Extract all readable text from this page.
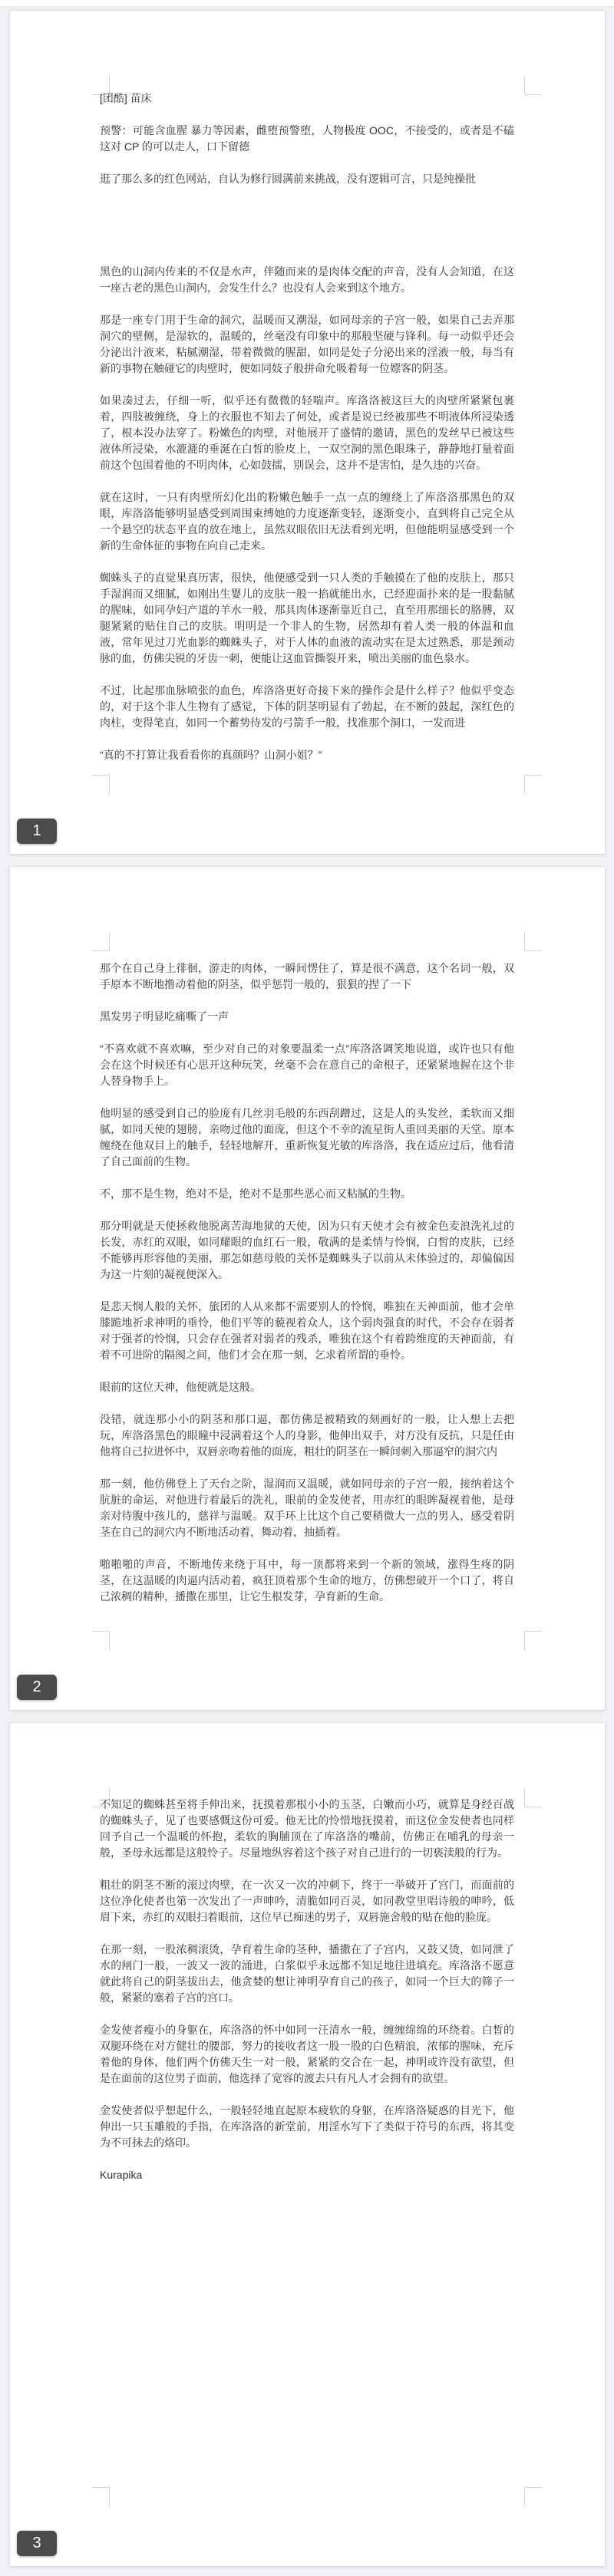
[团酷] 苗床

预警：可能含血腥 暴力等因素，雌堕预警堕，人物极度 OOC，不接受的，或者是不磕这对 CP 的可以走人，口下留德

逛了那么多的红色网站，自认为修行圆满前来挑战，没有逻辑可言，只是纯操批

黑色的山洞内传来的不仅是水声，伴随而来的是肉体交配的声音，没有人会知道，在这一座古老的黑色山洞内，会发生什么？也没有人会来到这个地方。

那是一座专门用于生命的洞穴，温暖而又潮湿，如同母亲的子宫一般，如果自己去弄那洞穴的壁侧，是湿软的，温暖的，丝毫没有印象中的那般坚硬与锋利。每一动似乎还会分泌出汁液来，粘腻潮湿，带着微微的腥甜，如同是处子分泌出来的淫液一般，每当有新的事物在触碰它的肉壁时，便如同妓子般拼命允吸着每一位嫖客的阴茎。

如果凑过去，仔细一听，似乎还有微微的轻喘声。库洛洛被这巨大的肉壁所紧紧包裹着，四肢被缠绕，身上的衣服也不知去了何处，或者是说已经被那些不明液体所浸染透了，根本没办法穿了。粉嫩色的肉壁，对他展开了盛情的邀请，黑色的发丝早已被这些液体所浸染，水漉漉的垂涎在白皙的脸皮上，一双空洞的黑色眼珠子，静静地打量着面前这个包围着他的不明肉体，心如鼓擂，别误会，这并不是害怕，是久违的兴奋。

就在这时，一只有肉壁所幻化出的粉嫩色触手一点一点的缠绕上了库洛洛那黑色的双眼，库洛洛能够明显感受到周围束缚她的力度逐渐变轻，逐渐变小，直到将自己完全从一个悬空的状态平直的放在地上，虽然双眼依旧无法看到光明，但他能明显感受到一个新的生命体征的事物在向自己走来。

蜘蛛头子的直觉果真历害，很快，他便感受到一只人类的手触摸在了他的皮肤上，那只手湿润而又细腻，如刚出生婴儿的皮肤一般一掐就能出水，已经迎面扑来的是一股黏腻的腥味，如同孕妇产道的羊水一般，那具肉体逐渐靠近自己，直至用那细长的胳膊，双腿紧紧的贴住自己的皮肤。明明是一个非人的生物，居然却有着人类一般的体温和血液，常年见过刀光血影的蜘蛛头子，对于人体的血液的流动实在是太过熟悉，那是颈动脉的血，仿佛尖锐的牙齿一刺，便能让这血管撕裂开来，喷出美丽的血色泉水。

不过，比起那血脉喷张的血色，库洛洛更好奇接下来的操作会是什么样子？他似乎变态的，对于这个非人生物有了感觉，下体的阴茎明显有了勃起，在不断的鼓起，深红色的肉柱，变得笔直，如同一个蓄势待发的弓箭手一般，找准那个洞口，一发而进

“真的不打算让我看看你的真颜吗？山洞小姐？”

1

那个在自己身上徘徊，游走的肉体，一瞬间愣住了，算是很不满意，这个名词一般，双手原本不断地撸动着他的阴茎，似乎惩罚一般的，狠狠的捏了一下

黑发男子明显吃痛嘶了一声

“不喜欢就不喜欢嘛，至少对自己的对象要温柔一点”库洛洛调笑地说道，或许也只有他会在这个时候还有心思开这种玩笑，丝毫不会在意自己的命根子，还紧紧地握在这个非人替身物手上。

他明显的感受到自己的脸庞有几丝羽毛般的东西刮蹭过，这是人的头发丝，柔软而又细腻，如同天使的翅膀，亲吻过他的面庞，但这个不幸的流星街人重回美丽的天堂。原本缠绕在他双目上的触手，轻轻地解开，重新恢复光敏的库洛洛，我在适应过后，他看清了自己面前的生物。

不，那不是生物，绝对不是，绝对不是那些恶心而又粘腻的生物。

那分明就是天使拯救他脱离苦海地狱的天使，因为只有天使才会有被金色麦浪洗礼过的长发，赤红的双眼，如同耀眼的血红石一般，敬满的是柔情与怜悯，白皙的皮肤，已经不能够再形容他的美丽，那怎如慈母般的关怀是蜘蛛头子以前从未体验过的，却偏偏因为这一片刻的凝视便深入。

是悲天悯人般的关怀，旅团的人从来都不需要别人的怜悯，唯独在天神面前，他才会单膝跪地祈求神明的垂怜，他们平等的藐视着众人，这个弱肉强食的时代，不会存在弱者对于强者的怜悯，只会存在强者对弱者的残杀，唯独在这个有着跨维度的天神面前，有着不可进阶的隔阂之间，他们才会在那一刻，乞求着所谓的垂怜。

眼前的这位天神，他便就是这般。

没错，就连那小小的阴茎和那口逼，都仿佛是被精致的刻画好的一般，让人想上去把玩，库洛洛黑色的眼瞳中浸满着这个人的身影，他伸出双手，对方没有反抗，只是任由他将自己拉进怀中，双唇亲吻着他的面庞，粗壮的阴茎在一瞬间刺入那逼窄的洞穴内

那一刻，他仿佛登上了天台之阶，湿润而又温暖，就如同母亲的子宫一般，接纳着这个肮脏的命运，对他进行着最后的洗礼，眼前的金发使者，用赤红的眼眸凝视着他，是母亲对待腹中孩儿的，慈祥与温暖。双手环上比这个自己要稍微大一点的男人，感受着阴茎在自己的洞穴内不断地活动着，舞动着，抽插着。

啪啪啪的声音，不断地传来绕于耳中，每一顶都将来到一个新的领域，涨得生疼的阴茎，在这温暖的肉逼内活动着，疯狂顶着那个生命的地方，仿佛想破开一个口了，将自己浓稠的精种，播撒在那里，让它生根发芽，孕育新的生命。

2

不知足的蜘蛛甚至将手伸出来，抚摸着那根小小的玉茎，白嫩而小巧，就算是身经百战的蜘蛛头子，见了也要感慨这份可爱。他无比的怜惜地抚摸着，而这位金发使者也同样回予自己一个温暖的怀抱，柔软的胸脯顶在了库洛洛的嘴前，仿佛正在哺乳的母亲一般，圣母永远都是这般怜子。尽量地纵容着这个孩子对自己进行的一切亵渎般的行为。

粗壮的阴茎不断的滚过肉壁，在一次又一次的冲刺下，终于一举破开了宫门，而面前的这位净化使者也第一次发出了一声呻吟，清脆如同百灵，如同教堂里唱诗般的呻吟，低眉下来，赤红的双眼扫着眼前，这位早已痴迷的男子，双唇施舍般的贴在他的脸庞。

在那一刻，一股浓稠滚烫，孕育着生命的茎种，播撒在了子宫内，又鼓又烫，如同泄了水的闸门一般，一波又一波的涌进，白浆似乎永远都不知足地往进填充。库洛洛不愿意就此将自己的阴茎拔出去，他贪婪的想让神明孕育自己的孩子，如同一个巨大的筛子一般，紧紧的塞着子宫的宫口。

金发使者瘦小的身躯在，库洛洛的怀中如同一汪清水一般，缠缠绵绵的环绕着。白皙的双腿环绕在对方健壮的腰部，努力的接收者这一股一股的白色精浪，浓郁的腥味，充斥着他的身体，他们两个仿佛天生一对一般，紧紧的交合在一起，神明或许没有欲望，但是在面前的这位男子面前，他选择了宽容的渡去只有凡人才会拥有的欲望。

金发使者似乎想起什么，一般轻轻地直起原本疲软的身躯，在库洛洛疑惑的目光下，他伸出一只玉雕般的手指，在库洛洛的新堂前，用淫水写下了类似于符号的东西，将其变为不可抹去的烙印。

Kurapika

3
